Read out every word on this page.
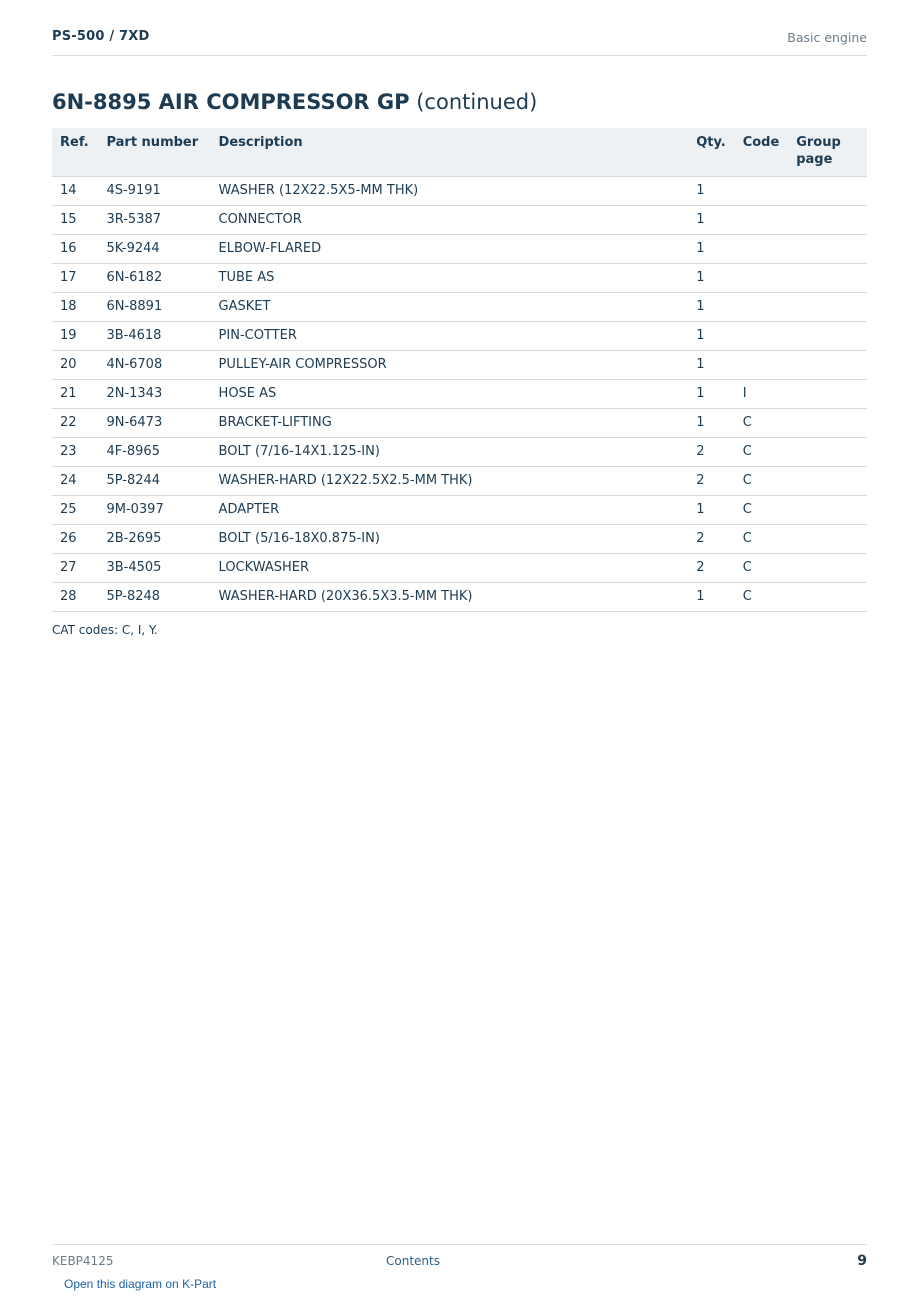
PS-500 / 7XD	Basic engine
6N-8895 AIR COMPRESSOR GP (continued)
Ref.	Part number	Description	Qty.	Code	Group page
14	4S-9191	WASHER (12X22.5X5-MM THK)	1		
15	3R-5387	CONNECTOR	1		
16	5K-9244	ELBOW-FLARED	1		
17	6N-6182	TUBE AS	1		
18	6N-8891	GASKET	1		
19	3B-4618	PIN-COTTER	1		
20	4N-6708	PULLEY-AIR COMPRESSOR	1		
21	2N-1343	HOSE AS	1	I	
22	9N-6473	BRACKET-LIFTING	1	C	
23	4F-8965	BOLT (7/16-14X1.125-IN)	2	C	
24	5P-8244	WASHER-HARD (12X22.5X2.5-MM THK)	2	C	
25	9M-0397	ADAPTER	1	C	
26	2B-2695	BOLT (5/16-18X0.875-IN)	2	C	
27	3B-4505	LOCKWASHER	2	C	
28	5P-8248	WASHER-HARD (20X36.5X3.5-MM THK)	1	C	
CAT codes: C, I, Y.
KEBP4125	Contents	9
Open this diagram on K-Part
